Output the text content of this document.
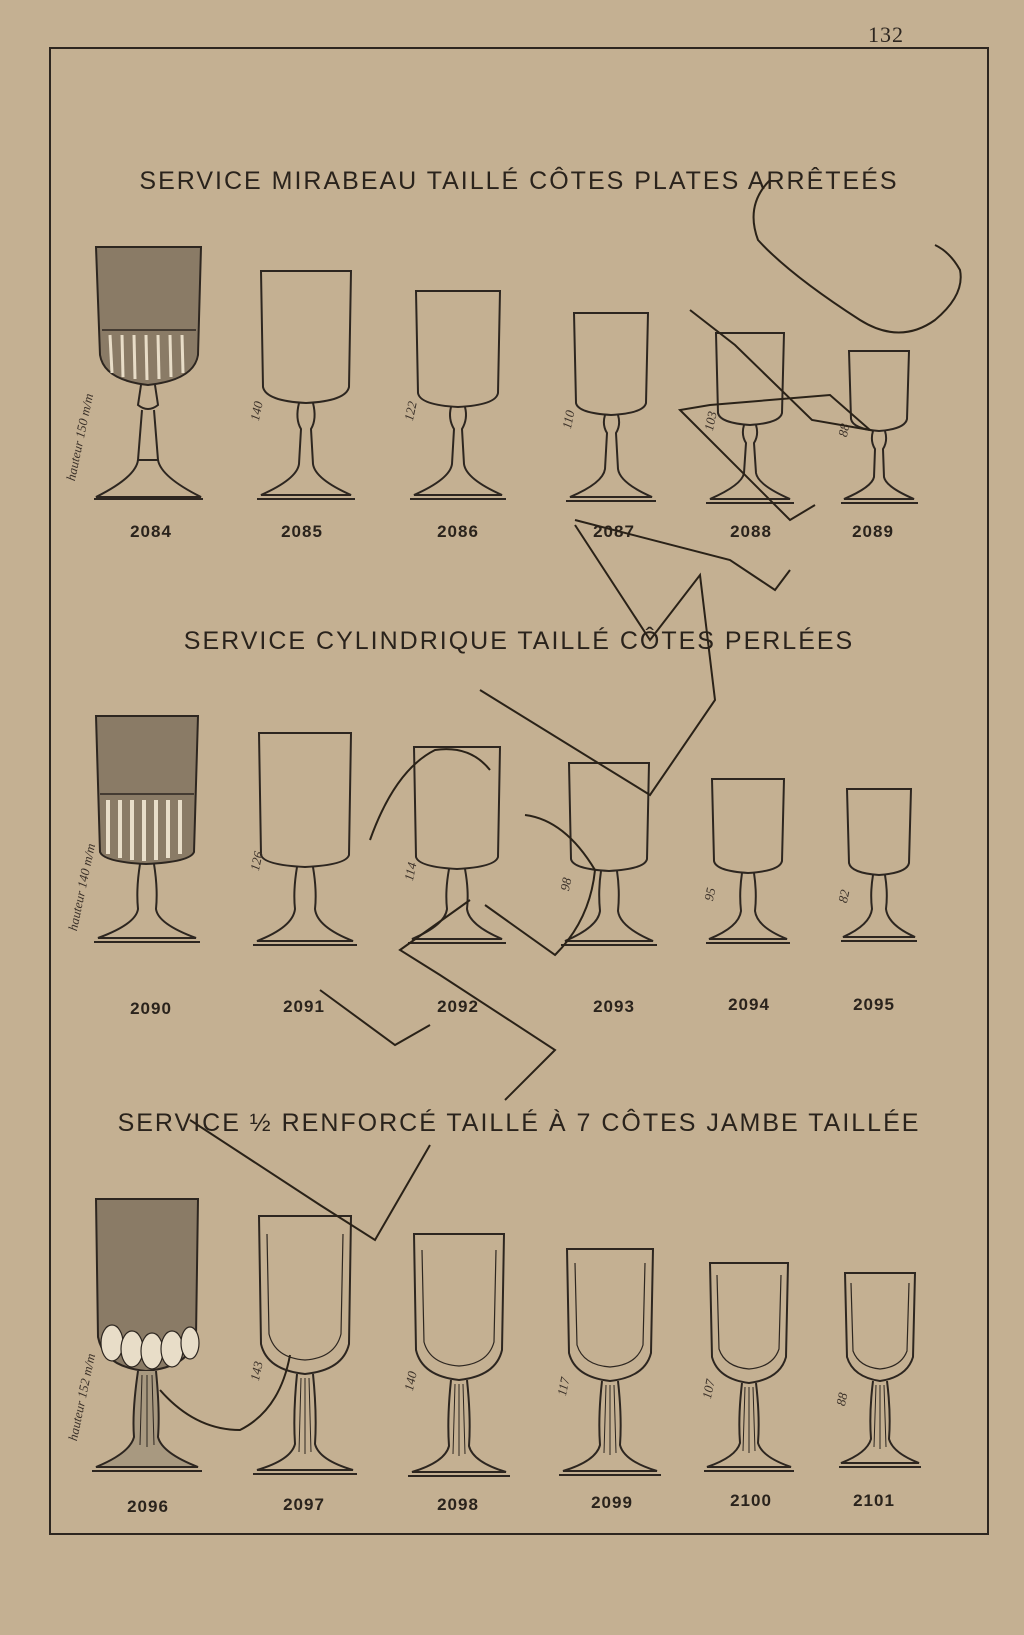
132
SERVICE MIRABEAU TAILLÉ CÔTES PLATES ARRÊTEÉS
hauteur 150 m/m
2084
140
2085
122
2086
110
2087
103
2088
88
2089
SERVICE CYLINDRIQUE TAILLÉ CÔTES PERLÉES
hauteur 140 m/m
2090
126
2091
114
2092
98
2093
95
2094
82
2095
SERVICE ½ RENFORCÉ TAILLÉ À 7 CÔTES JAMBE TAILLÉE
hauteur 152 m/m
2096
143
2097
140
2098
117
2099
107
2100
88
2101
